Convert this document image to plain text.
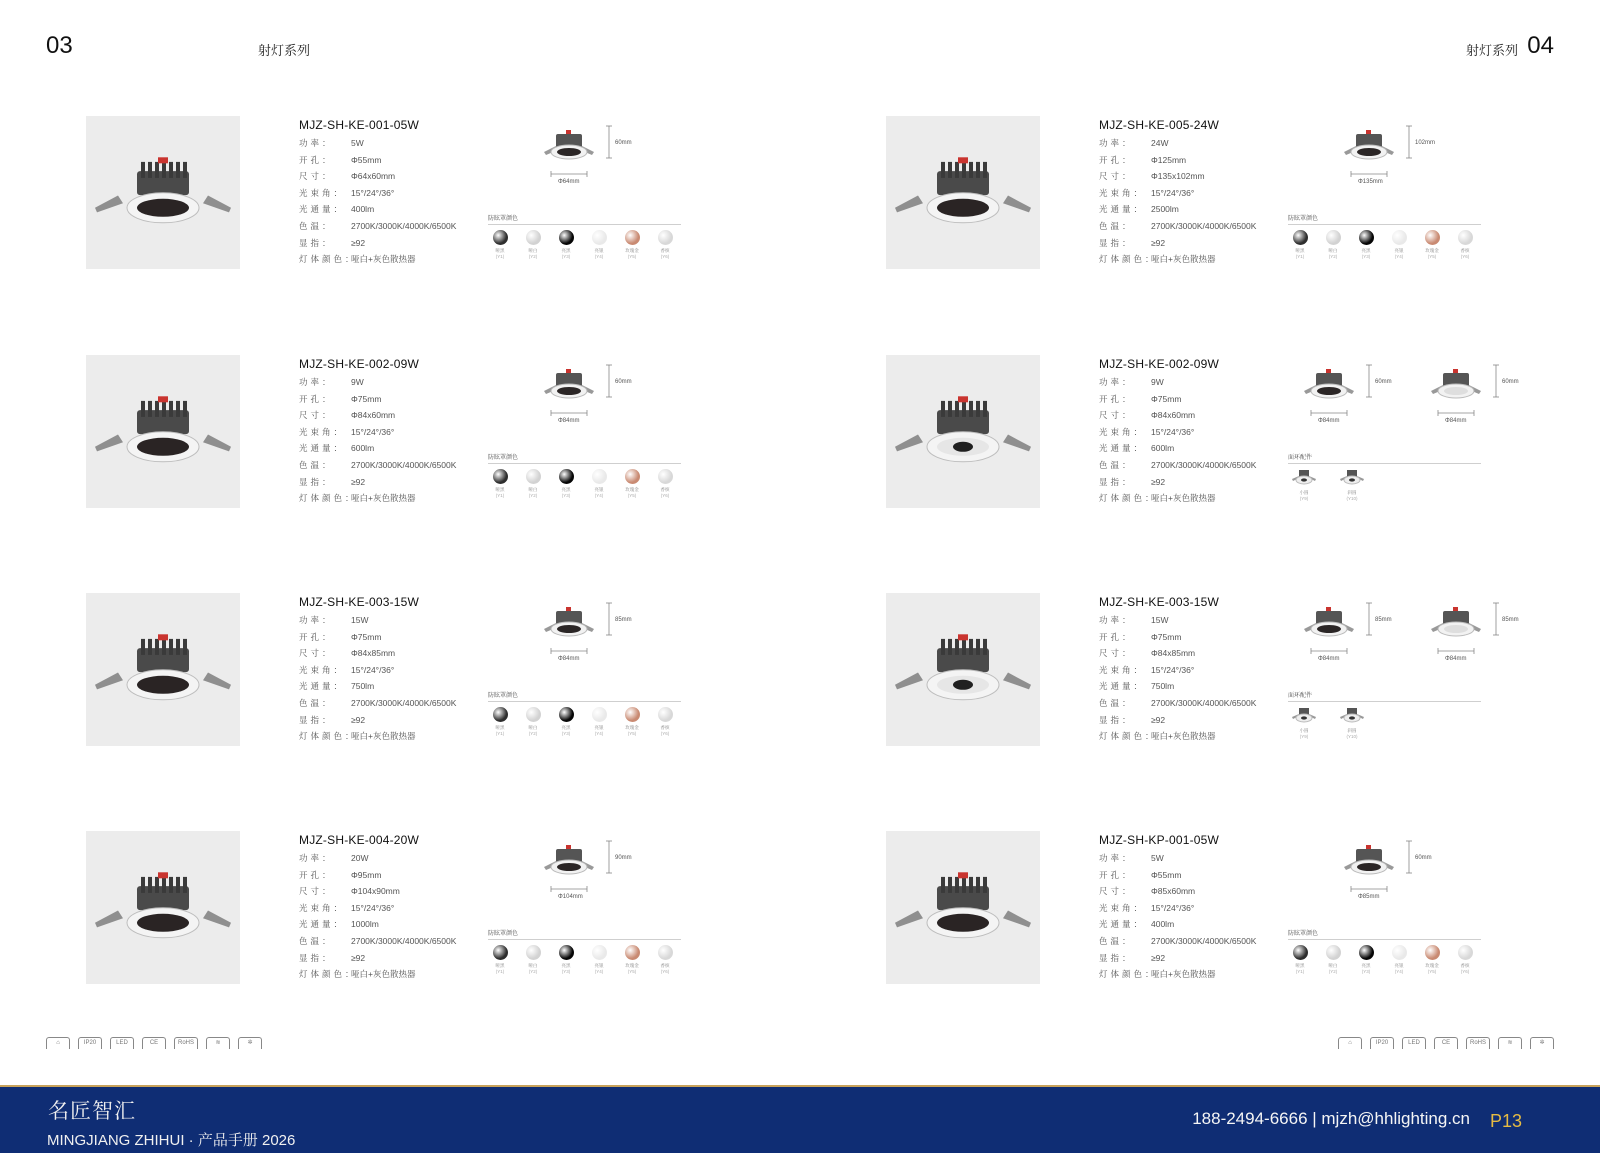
03	射灯系列	射灯系列 04
MJZ-SH-KE-001-05W
功率：	5W
开孔：	Φ55mm
尺寸：	Φ64x60mm
光束角： 15°/24°/36°
光通量： 400lm
色温：	2700K/3000K/4000K/6500K
显指：	≥92
灯体颜色：
哑白+灰色散热器
60mm
Φ64mm
防眩罩颜色
哑黑
(Y1)
哑白
(Y2)
亮黑
(Y3)
亮银
(Y4)
玫瑰金
(Y5)
香槟
(Y6)
MJZ-SH-KE-002-09W
功率：	9W
开孔：	Φ75mm
尺寸：	Φ84x60mm
光束角： 15°/24°/36°
光通量： 600lm
色温：	2700K/3000K/4000K/6500K
显指：	≥92
灯体颜色：
哑白+灰色散热器
60mm
Φ84mm
防眩罩颜色
哑黑
(Y1)
哑白
(Y2)
亮黑
(Y3)
亮银
(Y4)
玫瑰金
(Y5)
香槟
(Y6)
MJZ-SH-KE-003-15W
功率：	15W
开孔：	Φ75mm
尺寸：	Φ84x85mm
光束角： 15°/24°/36°
光通量： 750lm
色温：	2700K/3000K/4000K/6500K
显指：	≥92
灯体颜色：
哑白+灰色散热器
85mm
Φ84mm
防眩罩颜色
哑黑
(Y1)
哑白
(Y2)
亮黑
(Y3)
亮银
(Y4)
玫瑰金
(Y5)
香槟
(Y6)
MJZ-SH-KE-004-20W
功率：	20W
开孔：	Φ95mm
尺寸：	Φ104x90mm
光束角： 15°/24°/36°
光通量： 1000lm
色温：	2700K/3000K/4000K/6500K
显指：	≥92
灯体颜色：
哑白+灰色散热器
90mm
Φ104mm
防眩罩颜色
哑黑
(Y1)
哑白
(Y2)
亮黑
(Y3)
亮银
(Y4)
玫瑰金
(Y5)
香槟
(Y6)
MJZ-SH-KE-005-24W
功率：	24W
开孔：	Φ125mm
尺寸：	Φ135x102mm
光束角： 15°/24°/36°
光通量： 2500lm
色温：	2700K/3000K/4000K/6500K
显指：	≥92
灯体颜色：
哑白+灰色散热器
102mm
Φ135mm
防眩罩颜色
哑黑
(Y1)
哑白
(Y2)
亮黑
(Y3)
亮银
(Y4)
玫瑰金
(Y5)
香槟
(Y6)
MJZ-SH-KE-002-09W
功率：	9W
开孔：	Φ75mm
尺寸：	Φ84x60mm
光束角： 15°/24°/36°
光通量： 600lm
色温：	2700K/3000K/4000K/6500K
显指：	≥92
灯体颜色：
哑白+灰色散热器
60mm
Φ84mm
60mm
Φ84mm
面环配件
小圆
(Y9)
斜圆
(Y10)
MJZ-SH-KE-003-15W
功率：	15W
开孔：	Φ75mm
尺寸：	Φ84x85mm
光束角： 15°/24°/36°
光通量： 750lm
色温：	2700K/3000K/4000K/6500K
显指：	≥92
灯体颜色：
哑白+灰色散热器
85mm
Φ84mm
85mm
Φ84mm
面环配件
小圆
(Y9)
斜圆
(Y10)
MJZ-SH-KP-001-05W
功率：	5W
开孔：	Φ55mm
尺寸：	Φ85x60mm
光束角： 15°/24°/36°
光通量： 400lm
色温：	2700K/3000K/4000K/6500K
显指：	≥92
灯体颜色：
哑白+灰色散热器
60mm
Φ85mm
防眩罩颜色
哑黑
(Y1)
哑白
(Y2)
亮黑
(Y3)
亮银
(Y4)
玫瑰金
(Y5)
香槟
(Y6)
⌂	IP20	LED	CE	RoHS	≋	✲	⌂	IP20	LED	CE	RoHS	≋	✲
名匠智汇
MINGJIANG ZHIHUI · 产品手册 2026
188-2494-6666 | mjzh@hhlighting.cn P13
